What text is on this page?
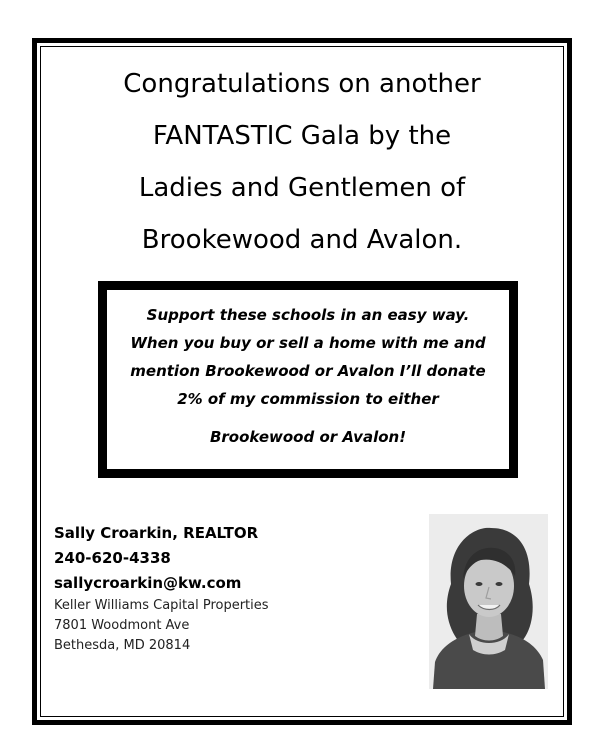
Congratulations on another
FANTASTIC Gala by the
Ladies and Gentlemen of
Brookewood and Avalon.
Support these schools in an easy way.
When you buy or sell a home with me and
mention Brookewood or Avalon I’ll donate
2% of my commission to either
Brookewood or Avalon!
Sally Croarkin, REALTOR
240-620-4338
sallycroarkin@kw.com
Keller Williams Capital Properties
7801 Woodmont Ave
Bethesda, MD 20814
